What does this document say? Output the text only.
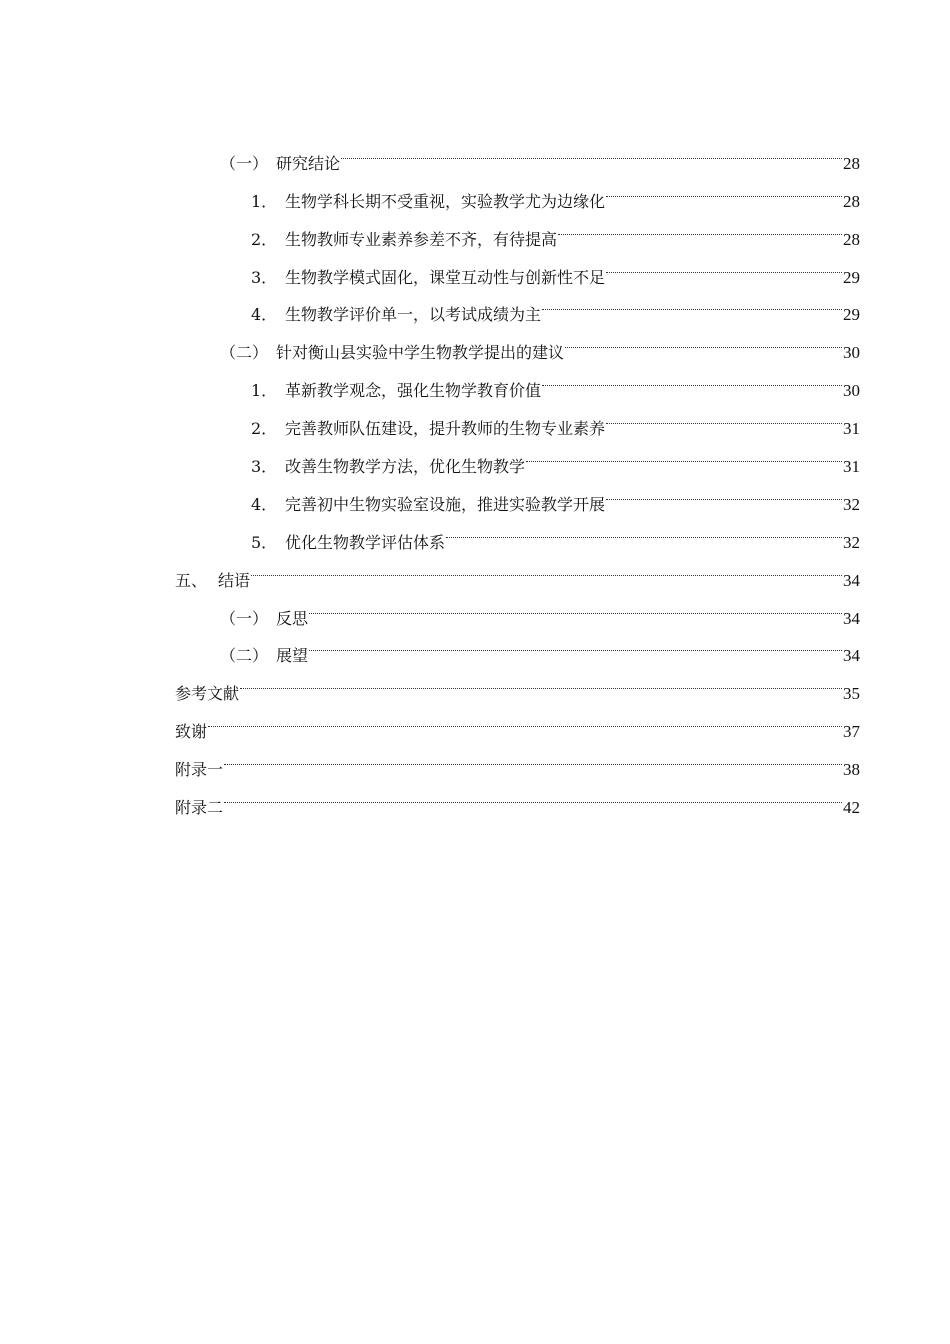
（一） 研究结论	28
1． 生物学科长期不受重视，实验教学尤为边缘化	28
2． 生物教师专业素养参差不齐，有待提高	28
3． 生物教学模式固化，课堂互动性与创新性不足	29
4． 生物教学评价单一，以考试成绩为主	29
（二） 针对衡山县实验中学生物教学提出的建议	30
1． 革新教学观念，强化生物学教育价值	30
2． 完善教师队伍建设，提升教师的生物专业素养	31
3． 改善生物教学方法，优化生物教学	31
4． 完善初中生物实验室设施，推进实验教学开展	32
5． 优化生物教学评估体系	32
五、 结语	34
（一） 反思	34
（二） 展望	34
参考文献	35
致谢	37
附录一	38
附录二	42
